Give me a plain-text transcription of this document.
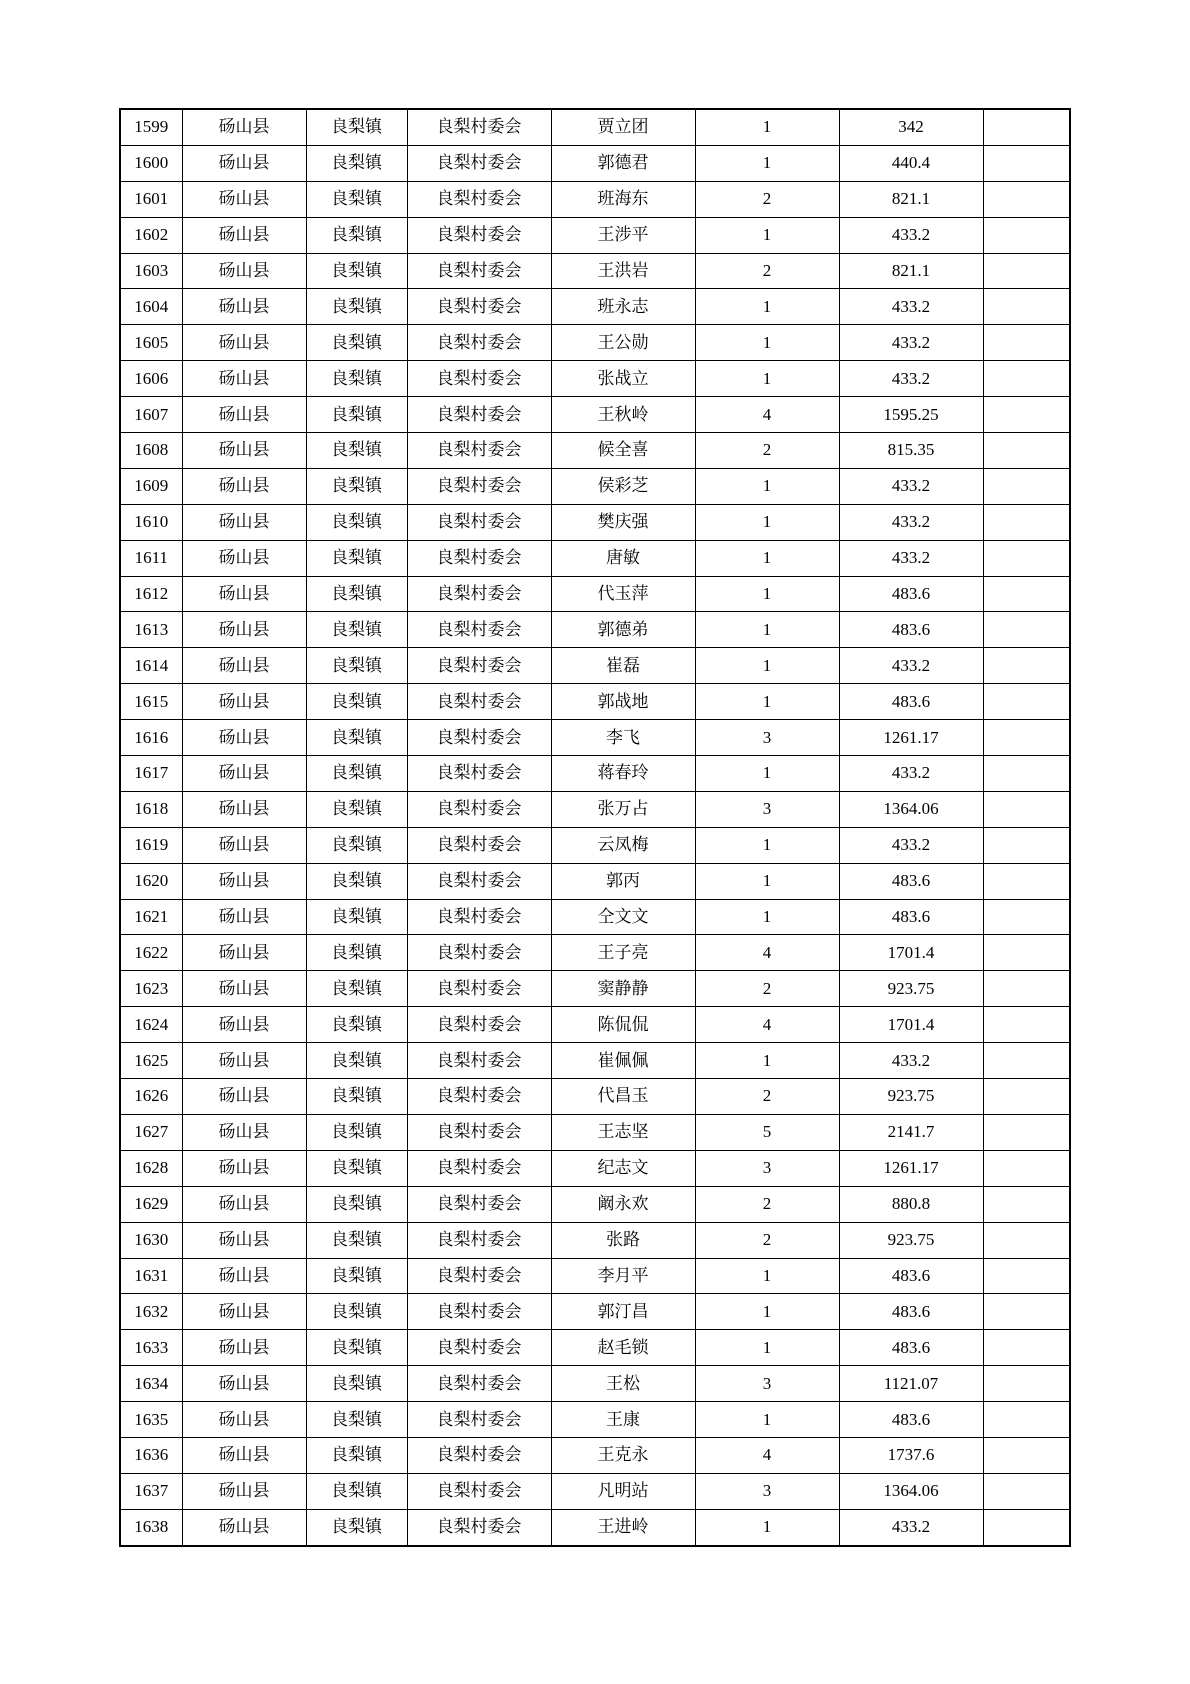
1599	砀山县	良梨镇	良梨村委会	贾立团	1	342	
1600	砀山县	良梨镇	良梨村委会	郭德君	1	440.4	
1601	砀山县	良梨镇	良梨村委会	班海东	2	821.1	
1602	砀山县	良梨镇	良梨村委会	王涉平	1	433.2	
1603	砀山县	良梨镇	良梨村委会	王洪岩	2	821.1	
1604	砀山县	良梨镇	良梨村委会	班永志	1	433.2	
1605	砀山县	良梨镇	良梨村委会	王公勋	1	433.2	
1606	砀山县	良梨镇	良梨村委会	张战立	1	433.2	
1607	砀山县	良梨镇	良梨村委会	王秋岭	4	1595.25	
1608	砀山县	良梨镇	良梨村委会	候全喜	2	815.35	
1609	砀山县	良梨镇	良梨村委会	侯彩芝	1	433.2	
1610	砀山县	良梨镇	良梨村委会	樊庆强	1	433.2	
1611	砀山县	良梨镇	良梨村委会	唐敏	1	433.2	
1612	砀山县	良梨镇	良梨村委会	代玉萍	1	483.6	
1613	砀山县	良梨镇	良梨村委会	郭德弟	1	483.6	
1614	砀山县	良梨镇	良梨村委会	崔磊	1	433.2	
1615	砀山县	良梨镇	良梨村委会	郭战地	1	483.6	
1616	砀山县	良梨镇	良梨村委会	李飞	3	1261.17	
1617	砀山县	良梨镇	良梨村委会	蒋春玲	1	433.2	
1618	砀山县	良梨镇	良梨村委会	张万占	3	1364.06	
1619	砀山县	良梨镇	良梨村委会	云凤梅	1	433.2	
1620	砀山县	良梨镇	良梨村委会	郭丙	1	483.6	
1621	砀山县	良梨镇	良梨村委会	仝文文	1	483.6	
1622	砀山县	良梨镇	良梨村委会	王子亮	4	1701.4	
1623	砀山县	良梨镇	良梨村委会	窦静静	2	923.75	
1624	砀山县	良梨镇	良梨村委会	陈侃侃	4	1701.4	
1625	砀山县	良梨镇	良梨村委会	崔佩佩	1	433.2	
1626	砀山县	良梨镇	良梨村委会	代昌玉	2	923.75	
1627	砀山县	良梨镇	良梨村委会	王志坚	5	2141.7	
1628	砀山县	良梨镇	良梨村委会	纪志文	3	1261.17	
1629	砀山县	良梨镇	良梨村委会	阚永欢	2	880.8	
1630	砀山县	良梨镇	良梨村委会	张路	2	923.75	
1631	砀山县	良梨镇	良梨村委会	李月平	1	483.6	
1632	砀山县	良梨镇	良梨村委会	郭汀昌	1	483.6	
1633	砀山县	良梨镇	良梨村委会	赵毛锁	1	483.6	
1634	砀山县	良梨镇	良梨村委会	王松	3	1121.07	
1635	砀山县	良梨镇	良梨村委会	王康	1	483.6	
1636	砀山县	良梨镇	良梨村委会	王克永	4	1737.6	
1637	砀山县	良梨镇	良梨村委会	凡明站	3	1364.06	
1638	砀山县	良梨镇	良梨村委会	王进岭	1	433.2	
